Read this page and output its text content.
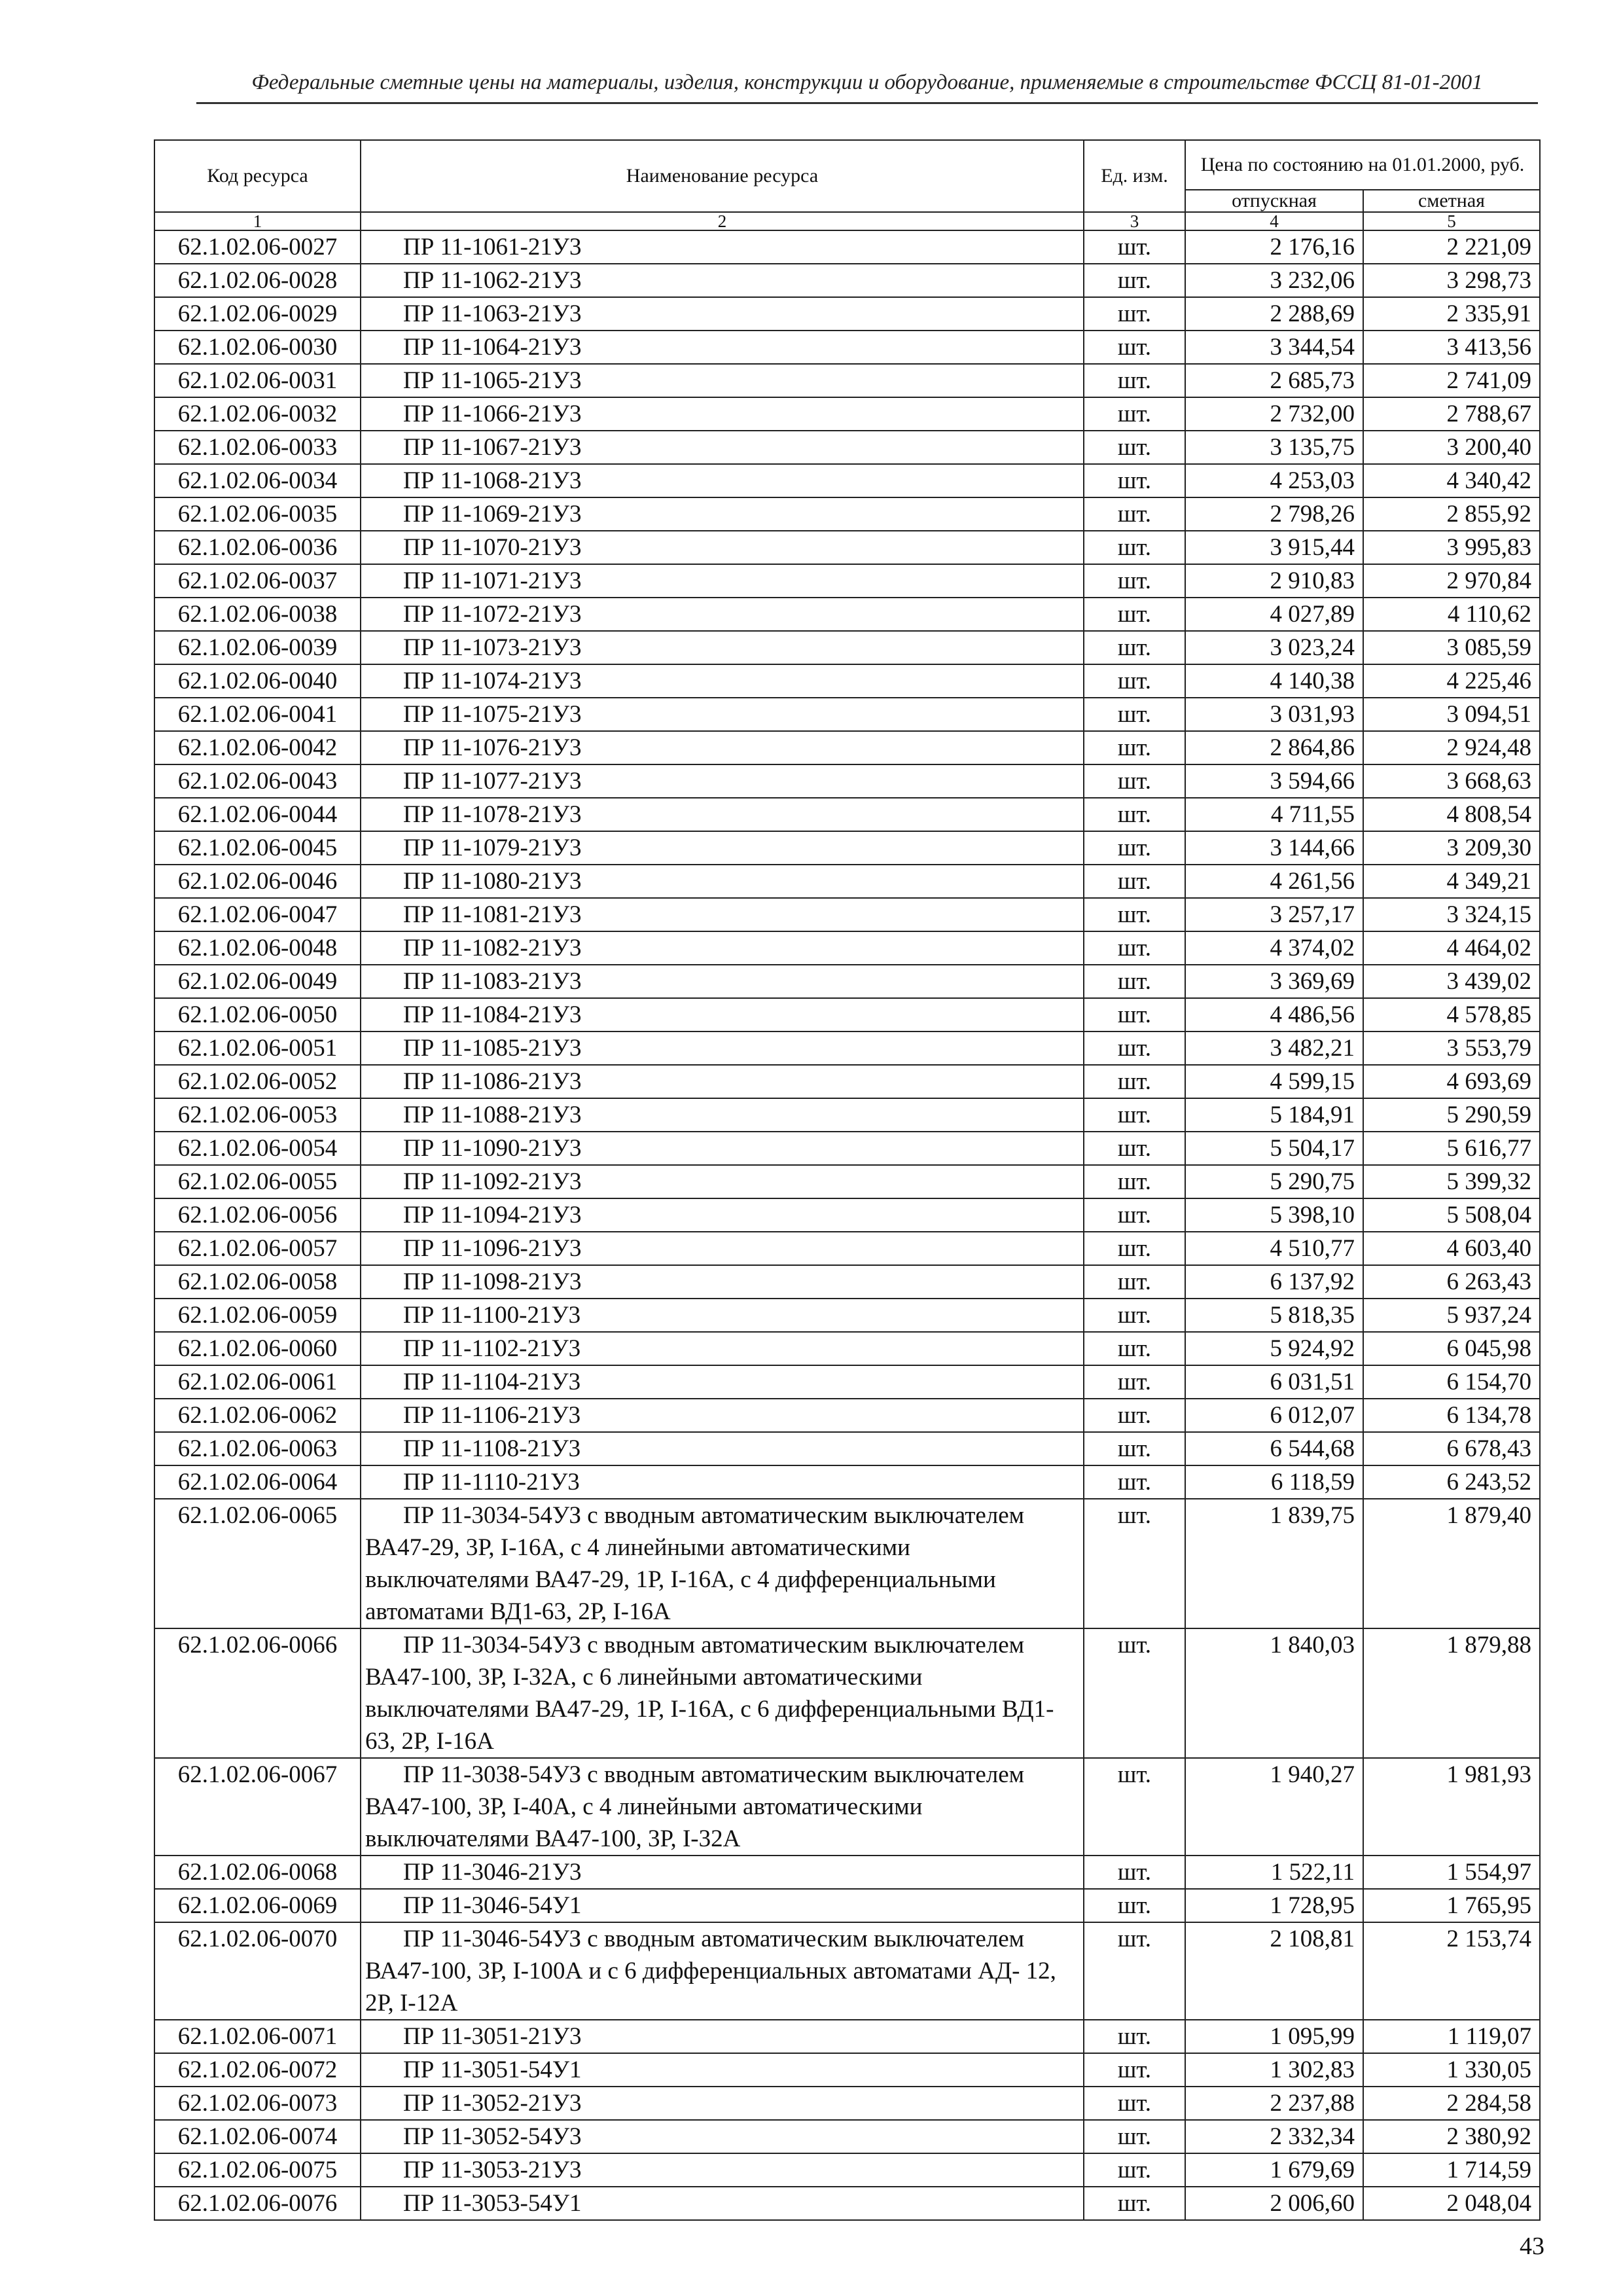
Федеральные сметные цены на материалы, изделия, конструкции и оборудование, применяемые в строительстве ФССЦ 81-01-2001
Код ресурса	Наименование ресурса	Ед. изм.	Цена по состоянию на 01.01.2000, руб.	
			отпускная	сметная
1	2	3	4	5
62.1.02.06-0027	ПР 11-1061-21У3	шт.	2 176,16	2 221,09
62.1.02.06-0028	ПР 11-1062-21У3	шт.	3 232,06	3 298,73
62.1.02.06-0029	ПР 11-1063-21У3	шт.	2 288,69	2 335,91
62.1.02.06-0030	ПР 11-1064-21У3	шт.	3 344,54	3 413,56
62.1.02.06-0031	ПР 11-1065-21У3	шт.	2 685,73	2 741,09
62.1.02.06-0032	ПР 11-1066-21У3	шт.	2 732,00	2 788,67
62.1.02.06-0033	ПР 11-1067-21У3	шт.	3 135,75	3 200,40
62.1.02.06-0034	ПР 11-1068-21У3	шт.	4 253,03	4 340,42
62.1.02.06-0035	ПР 11-1069-21У3	шт.	2 798,26	2 855,92
62.1.02.06-0036	ПР 11-1070-21У3	шт.	3 915,44	3 995,83
62.1.02.06-0037	ПР 11-1071-21У3	шт.	2 910,83	2 970,84
62.1.02.06-0038	ПР 11-1072-21У3	шт.	4 027,89	4 110,62
62.1.02.06-0039	ПР 11-1073-21У3	шт.	3 023,24	3 085,59
62.1.02.06-0040	ПР 11-1074-21У3	шт.	4 140,38	4 225,46
62.1.02.06-0041	ПР 11-1075-21У3	шт.	3 031,93	3 094,51
62.1.02.06-0042	ПР 11-1076-21У3	шт.	2 864,86	2 924,48
62.1.02.06-0043	ПР 11-1077-21У3	шт.	3 594,66	3 668,63
62.1.02.06-0044	ПР 11-1078-21У3	шт.	4 711,55	4 808,54
62.1.02.06-0045	ПР 11-1079-21У3	шт.	3 144,66	3 209,30
62.1.02.06-0046	ПР 11-1080-21У3	шт.	4 261,56	4 349,21
62.1.02.06-0047	ПР 11-1081-21У3	шт.	3 257,17	3 324,15
62.1.02.06-0048	ПР 11-1082-21У3	шт.	4 374,02	4 464,02
62.1.02.06-0049	ПР 11-1083-21У3	шт.	3 369,69	3 439,02
62.1.02.06-0050	ПР 11-1084-21У3	шт.	4 486,56	4 578,85
62.1.02.06-0051	ПР 11-1085-21У3	шт.	3 482,21	3 553,79
62.1.02.06-0052	ПР 11-1086-21У3	шт.	4 599,15	4 693,69
62.1.02.06-0053	ПР 11-1088-21У3	шт.	5 184,91	5 290,59
62.1.02.06-0054	ПР 11-1090-21У3	шт.	5 504,17	5 616,77
62.1.02.06-0055	ПР 11-1092-21У3	шт.	5 290,75	5 399,32
62.1.02.06-0056	ПР 11-1094-21У3	шт.	5 398,10	5 508,04
62.1.02.06-0057	ПР 11-1096-21У3	шт.	4 510,77	4 603,40
62.1.02.06-0058	ПР 11-1098-21У3	шт.	6 137,92	6 263,43
62.1.02.06-0059	ПР 11-1100-21У3	шт.	5 818,35	5 937,24
62.1.02.06-0060	ПР 11-1102-21У3	шт.	5 924,92	6 045,98
62.1.02.06-0061	ПР 11-1104-21У3	шт.	6 031,51	6 154,70
62.1.02.06-0062	ПР 11-1106-21У3	шт.	6 012,07	6 134,78
62.1.02.06-0063	ПР 11-1108-21У3	шт.	6 544,68	6 678,43
62.1.02.06-0064	ПР 11-1110-21У3	шт.	6 118,59	6 243,52
62.1.02.06-0065	ПР 11-3034-54УЗ с вводным автоматическим выключателем ВА47-29, 3Р, I-16А, с 4 линейными автоматическими выключателями ВА47-29, 1Р, I-16А, с 4 дифференциальными автоматами ВД1-63, 2Р, I-16А	шт.	1 839,75	1 879,40
62.1.02.06-0066	ПР 11-3034-54УЗ с вводным автоматическим выключателем ВА47-100, 3Р, I-32А, с 6 линейными автоматическими выключателями ВА47-29, 1Р, I-16А, с 6 дифференциальными ВД1- 63, 2Р, I-16А	шт.	1 840,03	1 879,88
62.1.02.06-0067	ПР 11-3038-54УЗ с вводным автоматическим выключателем ВА47-100, 3Р, I-40А, с 4 линейными автоматическими выключателями ВА47-100, 3Р, I-32А	шт.	1 940,27	1 981,93
62.1.02.06-0068	ПР 11-3046-21У3	шт.	1 522,11	1 554,97
62.1.02.06-0069	ПР 11-3046-54У1	шт.	1 728,95	1 765,95
62.1.02.06-0070	ПР 11-3046-54УЗ с вводным автоматическим выключателем ВА47-100, 3Р, I-100А и с 6 дифференциальных автоматами АД- 12, 2Р, I-12А	шт.	2 108,81	2 153,74
62.1.02.06-0071	ПР 11-3051-21У3	шт.	1 095,99	1 119,07
62.1.02.06-0072	ПР 11-3051-54У1	шт.	1 302,83	1 330,05
62.1.02.06-0073	ПР 11-3052-21У3	шт.	2 237,88	2 284,58
62.1.02.06-0074	ПР 11-3052-54У3	шт.	2 332,34	2 380,92
62.1.02.06-0075	ПР 11-3053-21У3	шт.	1 679,69	1 714,59
62.1.02.06-0076	ПР 11-3053-54У1	шт.	2 006,60	2 048,04
43
